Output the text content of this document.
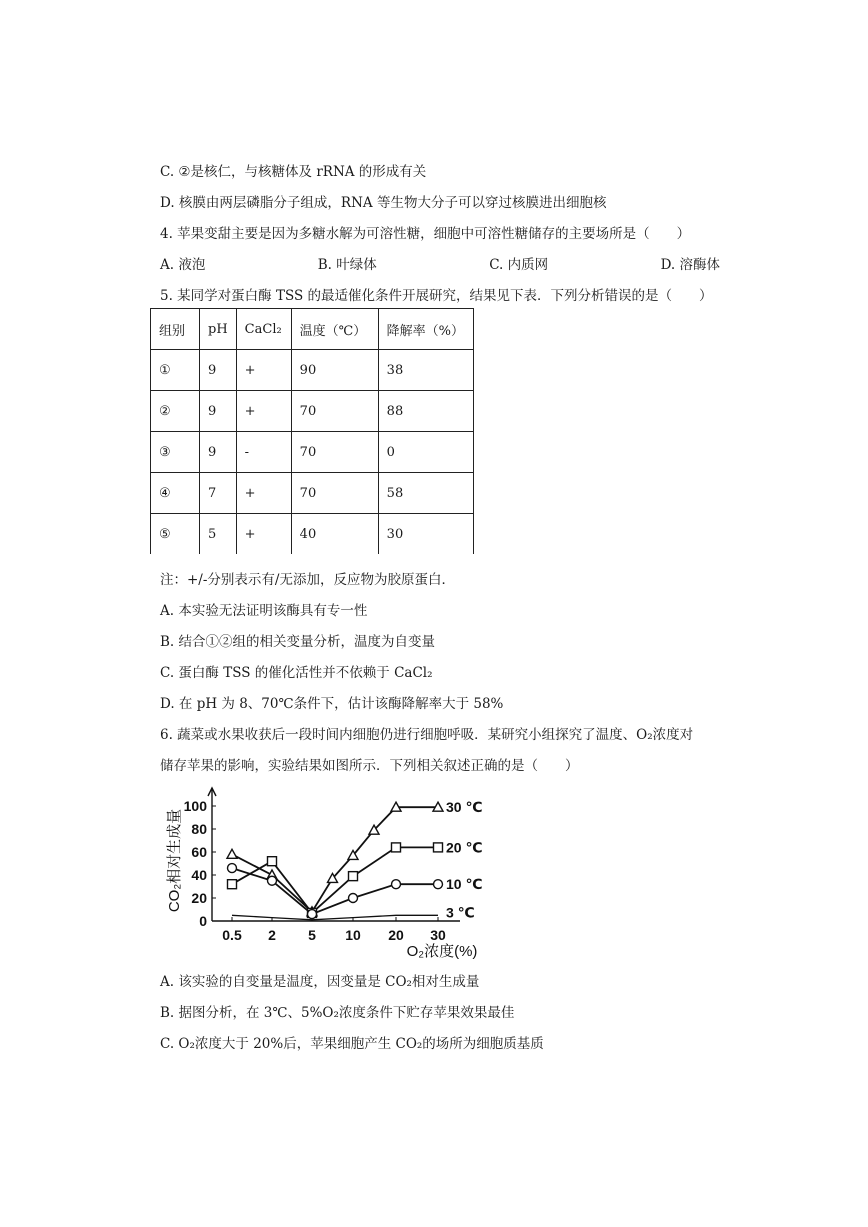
C. ②是核仁，与核糖体及 rRNA 的形成有关
D. 核膜由两层磷脂分子组成，RNA 等生物大分子可以穿过核膜进出细胞核
4. 苹果变甜主要是因为多糖水解为可溶性糖，细胞中可溶性糖储存的主要场所是（　　）
A. 液泡	B. 叶绿体	C. 内质网	D. 溶酶体
5. 某同学对蛋白酶 TSS 的最适催化条件开展研究，结果见下表．下列分析错误的是（　　）
组别	pH	CaCl₂	温度（℃）	降解率（%）
①	9	+	90	38
②	9	+	70	88
③	9	-	70	0
④	7	+	70	58
⑤	5	+	40	30
注：+/-分别表示有/无添加，反应物为胶原蛋白．
A. 本实验无法证明该酶具有专一性
B. 结合①②组的相关变量分析，温度为自变量
C. 蛋白酶 TSS 的催化活性并不依赖于 CaCl₂
D. 在 pH 为 8、70℃条件下，估计该酶降解率大于 58%
6. 蔬菜或水果收获后一段时间内细胞仍进行细胞呼吸．某研究小组探究了温度、O₂浓度对
储存苹果的影响，实验结果如图所示．下列相关叙述正确的是（　　）
0
20
40
60
80
100
0.5 2 5 10 20 30
O₂浓度(%)
CO₂相对生成量
30 ℃
20 ℃
10 ℃
3 ℃
A. 该实验的自变量是温度，因变量是 CO₂相对生成量
B. 据图分析，在 3℃、5%O₂浓度条件下贮存苹果效果最佳
C. O₂浓度大于 20%后，苹果细胞产生 CO₂的场所为细胞质基质
